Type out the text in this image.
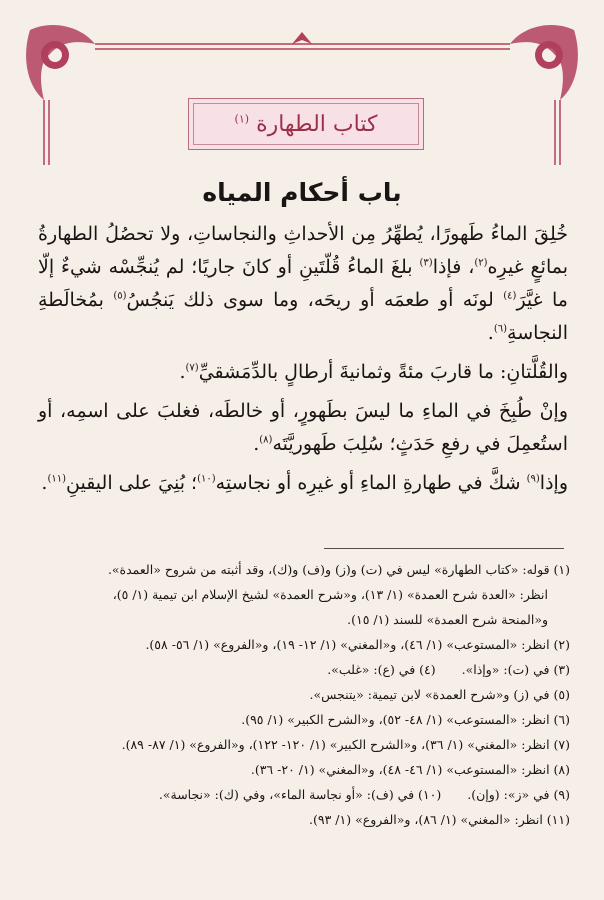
كتاب الطهارة $^{(١)}$
باب أحكام المياه

خُلِقَ الماءُ طَهورًا، يُطهِّرُ مِن الأحداثِ والنجاساتِ، ولا تحصُلُ الطهارةُ بمائعٍ غيرِه$^{(٢)}$، فإذا$^{(٣)}$ بلغَ الماءُ قُلّتَينِ أو كانَ جاريًا؛ لم يُنجِّسْه شيءٌ إلّا ما غيَّرَ$^{(٤)}$ لونَه أو طعمَه أو ريحَه، وما سوى ذلك يَنجُسُ$^{(٥)}$ بمُخالَطةِ النجاسةِ$^{(٦)}$.

والقُلَّتانِ: ما قاربَ مئةً وثمانيةَ أرطالٍ بالدِّمَشقيِّ$^{(٧)}$.

وإنْ طُبِخَ في الماءِ ما ليسَ بطَهورٍ، أو خالطَه، فغلبَ على اسمِه، أو استُعمِلَ في رفعِ حَدَثٍ؛ سُلِبَ طَهوريَّتَه$^{(٨)}$.

وإذا$^{(٩)}$ شكَّ في طهارةِ الماءِ أو غيرِه أو نجاستِه$^{(١٠)}$؛ بُنِيَ على اليقينِ$^{(١١)}$.

(١) قوله: «كتاب الطهارة» ليس في (ت) و(ز) و(ف) و(ك)، وقد أثبته من شروح «العمدة».
انظر: «العدة شرح العمدة» (١/ ١٣)، و«شرح العمدة» لشيخ الإسلام ابن تيمية (١/ ٥)،
و«المنحة شرح العمدة» للسند (١/ ١٥).
(٢) انظر: «المستوعب» (١/ ٤٦)، و«المغني» (١/ ١٢- ١٩)، و«الفروع» (١/ ٥٦- ٥٨).
(٣) في (ت): «وإذا». (٤) في (ع): «غلب».
(٥) في (ز) و«شرح العمدة» لابن تيمية: «يتنجس».
(٦) انظر: «المستوعب» (١/ ٤٨- ٥٢)، و«الشرح الكبير» (١/ ٩٥).
(٧) انظر: «المغني» (١/ ٣٦)، و«الشرح الكبير» (١/ ١٢٠- ١٢٢)، و«الفروع» (١/ ٨٧- ٨٩).
(٨) انظر: «المستوعب» (١/ ٤٦- ٤٨)، و«المغني» (١/ ٢٠- ٣٦).
(٩) في «ز»: (وإن). (١٠) في (ف): «أو نجاسة الماء»، وفي (ك): «نجاسة».
(١١) انظر: «المغني» (١/ ٨٦)، و«الفروع» (١/ ٩٣).
